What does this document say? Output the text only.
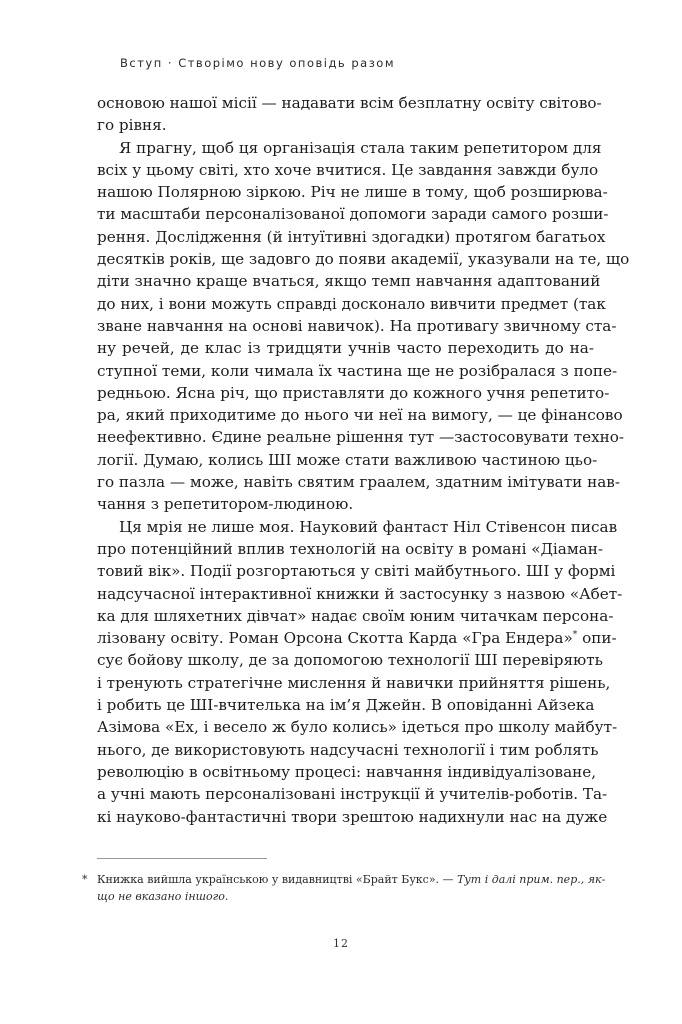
Вступ · Створімо нову оповідь разом
основою нашої місії — надавати всім безплатну освіту світово-
го рівня.
Я прагну, щоб ця організація стала таким репетитором для
всіх у цьому світі, хто хоче вчитися. Це завдання завжди було
нашою Полярною зіркою. Річ не лише в тому, щоб розширюва-
ти масштаби персоналізованої допомоги заради самого розши-
рення. Дослідження (й інтуїтивні здогадки) протягом багатьох
десятків років, ще задовго до появи академії, указували на те, що
діти значно краще вчаться, якщо темп навчання адаптований
до них, і вони можуть справді досконало вивчити предмет (так
зване навчання на основі навичок). На противагу звичному ста-
ну речей, де клас із тридцяти учнів часто переходить до на-
ступної теми, коли чимала їх частина ще не розібралася з попе-
редньою. Ясна річ, що приставляти до кожного учня репетито-
ра, який приходитиме до нього чи неї на вимогу, — це фінансово
неефективно. Єдине реальне рішення тут —застосовувати техно-
логії. Думаю, колись ШІ може стати важливою частиною цьо-
го пазла — може, навіть святим граалем, здатним імітувати нав-
чання з репетитором-людиною.
Ця мрія не лише моя. Науковий фантаст Ніл Стівенсон писав
про потенційний вплив технологій на освіту в романі «Діаман-
товий вік». Події розгортаються у світі майбутнього. ШІ у формі
надсучасної інтерактивної книжки й застосунку з назвою «Абет-
ка для шляхетних дівчат» надає своїм юним читачкам персона-
лізовану освіту. Роман Орсона Скотта Карда «Гра Ендера»* опи-
сує бойову школу, де за допомогою технології ШІ перевіряють
і тренують стратегічне мислення й навички прийняття рішень,
і робить це ШІ-вчителька на ім’я Джейн. В оповіданні Айзека
Азімова «Ех, і весело ж було колись» ідеться про школу майбут-
нього, де використовують надсучасні технології і тим роблять
революцію в освітньому процесі: навчання індивідуалізоване,
а учні мають персоналізовані інструкції й учителів-роботів. Та-
кі науково-фантастичні твори зрештою надихнули нас на дуже
* Книжка вийшла українською у видавництві «Брайт Букс». — Тут і далі прим. пер., як-
що не вказано іншого.
12
